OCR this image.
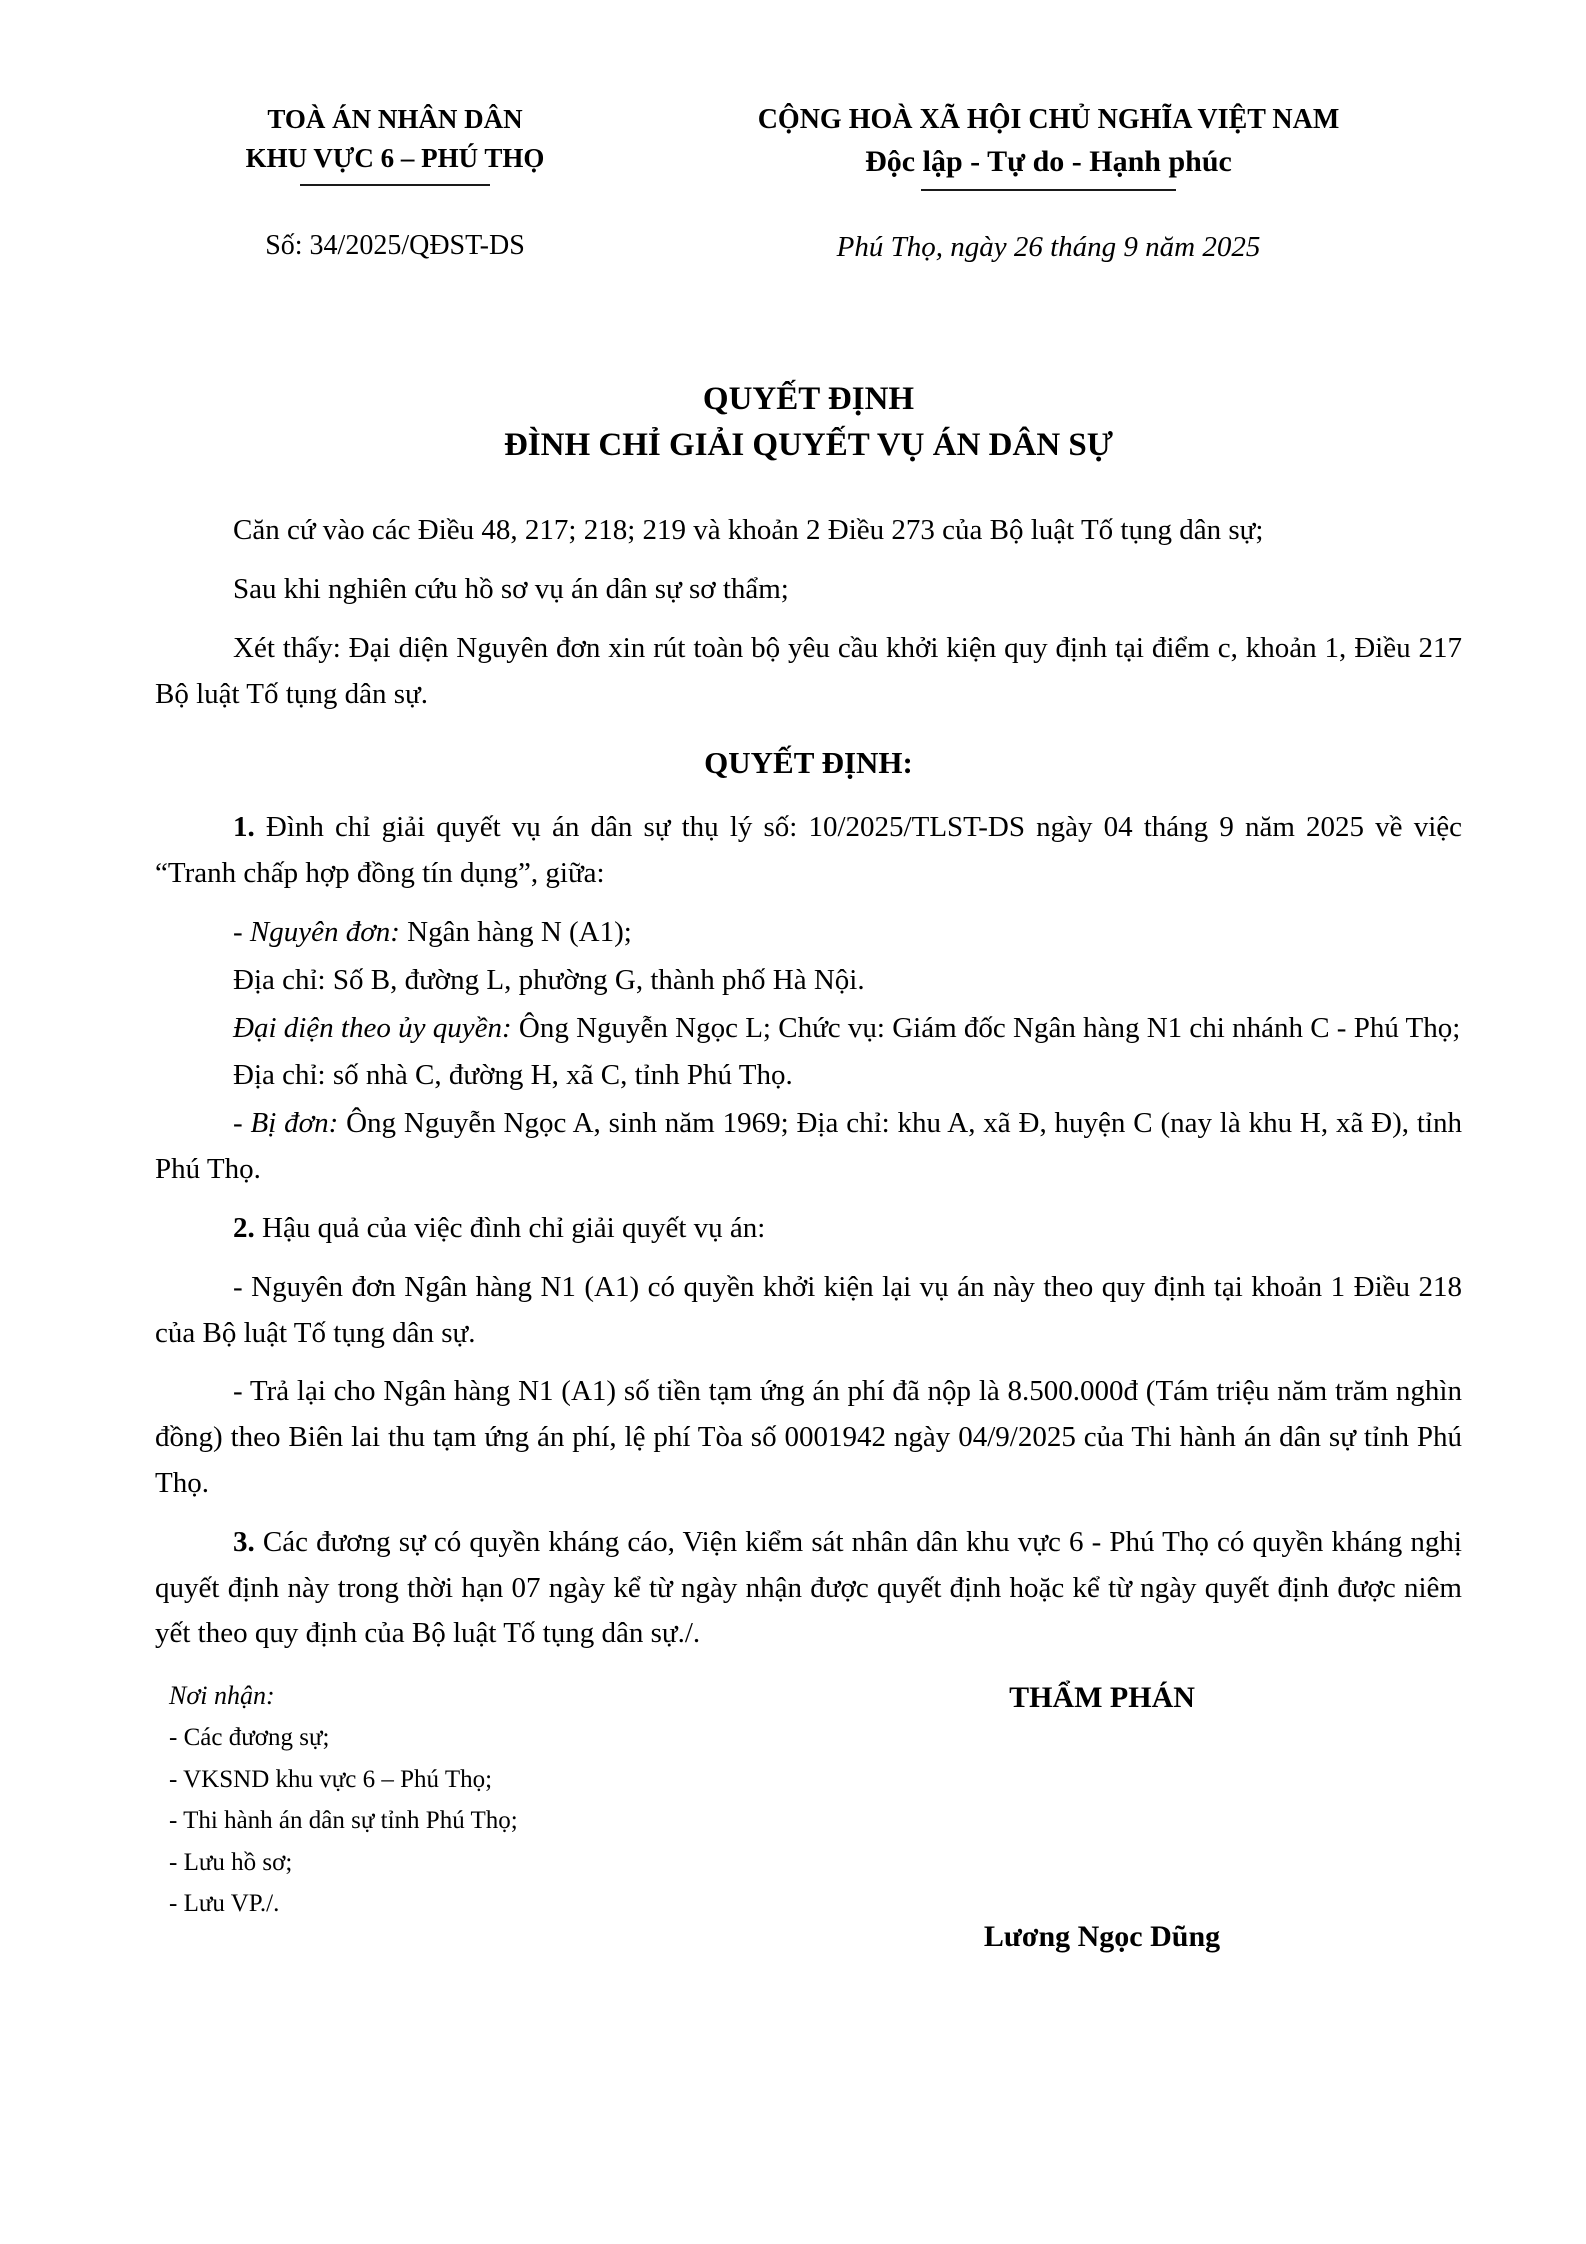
TOÀ ÁN NHÂN DÂN
KHU VỰC 6 – PHÚ THỌ
Số: 34/2025/QĐST-DS
CỘNG HOÀ XÃ HỘI CHỦ NGHĨA VIỆT NAM
Độc lập - Tự do - Hạnh phúc
Phú Thọ, ngày 26 tháng 9 năm 2025
QUYẾT ĐỊNH
ĐÌNH CHỈ GIẢI QUYẾT VỤ ÁN DÂN SỰ

Căn cứ vào các Điều 48, 217; 218; 219 và khoản 2 Điều 273 của Bộ luật Tố tụng dân sự;

Sau khi nghiên cứu hồ sơ vụ án dân sự sơ thẩm;

Xét thấy: Đại diện Nguyên đơn xin rút toàn bộ yêu cầu khởi kiện quy định tại điểm c, khoản 1, Điều 217 Bộ luật Tố tụng dân sự.

QUYẾT ĐỊNH:

1. Đình chỉ giải quyết vụ án dân sự thụ lý số: 10/2025/TLST-DS ngày 04 tháng 9 năm 2025 về việc “Tranh chấp hợp đồng tín dụng”, giữa:

- Nguyên đơn: Ngân hàng N (A1);

Địa chỉ: Số B, đường L, phường G, thành phố Hà Nội.

Đại diện theo ủy quyền: Ông Nguyễn Ngọc L; Chức vụ: Giám đốc Ngân hàng N1 chi nhánh C - Phú Thọ;

Địa chỉ: số nhà C, đường H, xã C, tỉnh Phú Thọ.

- Bị đơn: Ông Nguyễn Ngọc A, sinh năm 1969; Địa chỉ: khu A, xã Đ, huyện C (nay là khu H, xã Đ), tỉnh Phú Thọ.

2. Hậu quả của việc đình chỉ giải quyết vụ án:

- Nguyên đơn Ngân hàng N1 (A1) có quyền khởi kiện lại vụ án này theo quy định tại khoản 1 Điều 218 của Bộ luật Tố tụng dân sự.

- Trả lại cho Ngân hàng N1 (A1) số tiền tạm ứng án phí đã nộp là 8.500.000đ (Tám triệu năm trăm nghìn đồng) theo Biên lai thu tạm ứng án phí, lệ phí Tòa số 0001942 ngày 04/9/2025 của Thi hành án dân sự tỉnh Phú Thọ.

3. Các đương sự có quyền kháng cáo, Viện kiểm sát nhân dân khu vực 6 - Phú Thọ có quyền kháng nghị quyết định này trong thời hạn 07 ngày kể từ ngày nhận được quyết định hoặc kể từ ngày quyết định được niêm yết theo quy định của Bộ luật Tố tụng dân sự./.

Nơi nhận:
- Các đương sự;
- VKSND khu vực 6 – Phú Thọ;
- Thi hành án dân sự tỉnh Phú Thọ;
- Lưu hồ sơ;
- Lưu VP./.
THẨM PHÁN
Lương Ngọc Dũng
